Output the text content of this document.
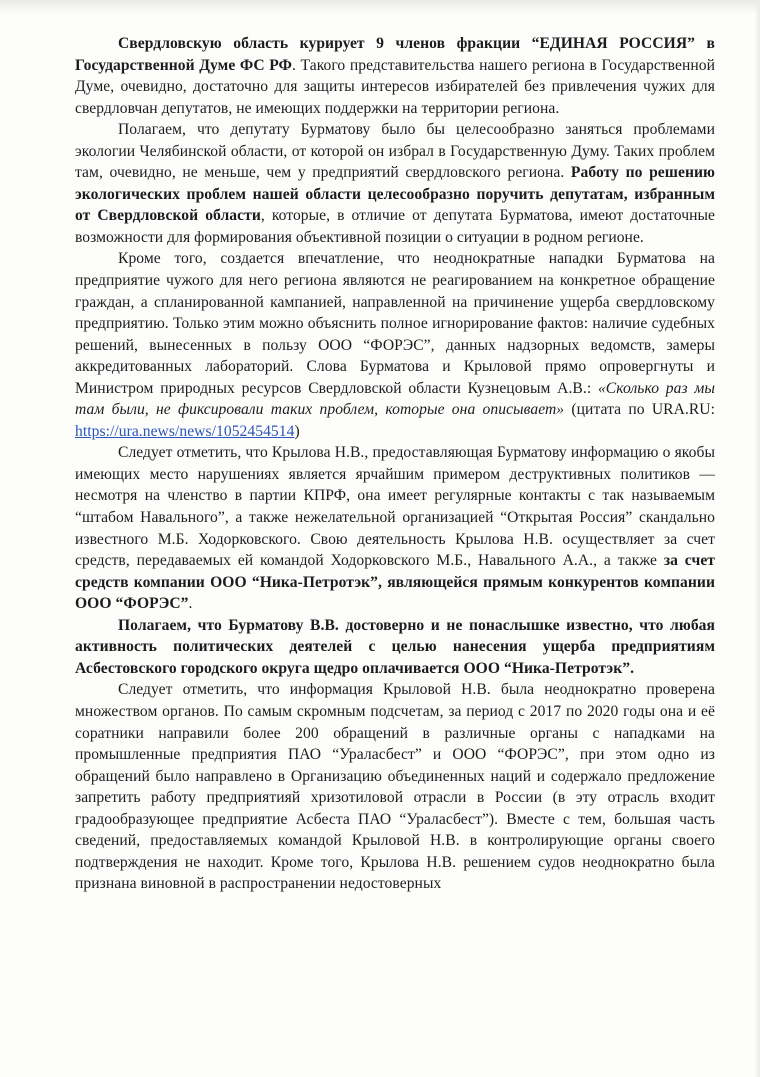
Свердловскую область курирует 9 членов фракции “ЕДИНАЯ РОССИЯ” в Государственной Думе ФС РФ. Такого представительства нашего региона в Государственной Думе, очевидно, достаточно для защиты интересов избирателей без привлечения чужих для свердловчан депутатов, не имеющих поддержки на территории региона.

Полагаем, что депутату Бурматову было бы целесообразно заняться проблемами экологии Челябинской области, от которой он избрал в Государственную Думу. Таких проблем там, очевидно, не меньше, чем у предприятий свердловского региона. Работу по решению экологических проблем нашей области целесообразно поручить депутатам, избранным от Свердловской области, которые, в отличие от депутата Бурматова, имеют достаточные возможности для формирования объективной позиции о ситуации в родном регионе.

Кроме того, создается впечатление, что неоднократные нападки Бурматова на предприятие чужого для него региона являются не реагированием на конкретное обращение граждан, а спланированной кампанией, направленной на причинение ущерба свердловскому предприятию. Только этим можно объяснить полное игнорирование фактов: наличие судебных решений, вынесенных в пользу ООО “ФОРЭС”, данных надзорных ведомств, замеры аккредитованных лабораторий. Слова Бурматова и Крыловой прямо опровергнуты и Министром природных ресурсов Свердловской области Кузнецовым А.В.: «Сколько раз мы там были, не фиксировали таких проблем, которые она описывает» (цитата по URA.RU: https://ura.news/news/1052454514)

Следует отметить, что Крылова Н.В., предоставляющая Бурматову информацию о якобы имеющих место нарушениях является ярчайшим примером деструктивных политиков — несмотря на членство в партии КПРФ, она имеет регулярные контакты с так называемым “штабом Навального”, а также нежелательной организацией “Открытая Россия” скандально известного М.Б. Ходорковского. Свою деятельность Крылова Н.В. осуществляет за счет средств, передаваемых ей командой Ходорковского М.Б., Навального А.А., а также за счет средств компании ООО “Ника-Петротэк”, являющейся прямым конкурентов компании ООО “ФОРЭС”.

Полагаем, что Бурматову В.В. достоверно и не понаслышке известно, что любая активность политических деятелей с целью нанесения ущерба предприятиям Асбестовского городского округа щедро оплачивается ООО “Ника-Петротэк”.

Следует отметить, что информация Крыловой Н.В. была неоднократно проверена множеством органов. По самым скромным подсчетам, за период с 2017 по 2020 годы она и её соратники направили более 200 обращений в различные органы с нападками на промышленные предприятия ПАО “Ураласбест” и ООО “ФОРЭС”, при этом одно из обращений было направлено в Организацию объединенных наций и содержало предложение запретить работу предприятияй хризотиловой отрасли в России (в эту отрасль входит градообразующее предприятие Асбеста ПАО “Ураласбест”). Вместе с тем, большая часть сведений, предоставляемых командой Крыловой Н.В. в контролирующие органы своего подтверждения не находит. Кроме того, Крылова Н.В. решением судов неоднократно была признана виновной в распространении недостоверных
